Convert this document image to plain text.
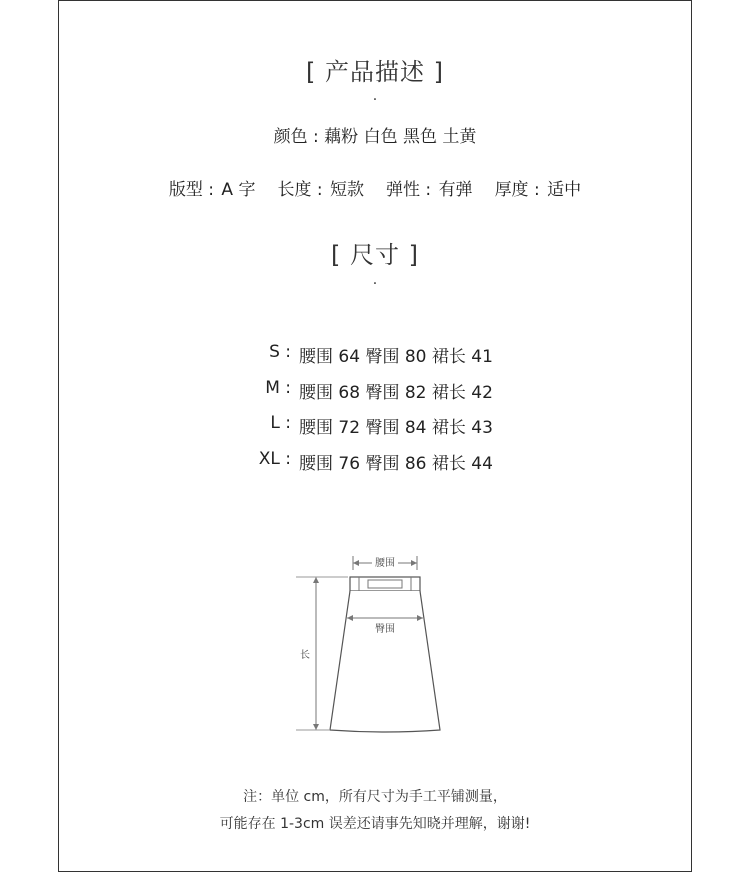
[ 产品描述 ]
·
颜色 : 藕粉 白色 黑色 土黄
版型 : A 字 长度 : 短款 弹性 : 有弹 厚度 : 适中
[ 尺寸 ]
·
S : 腰围 64 臀围 80 裙长 41
M : 腰围 68 臀围 82 裙长 42
L : 腰围 72 臀围 84 裙长 43
XL : 腰围 76 臀围 86 裙长 44
腰围
臀围
长
注：单位 cm，所有尺寸为手工平铺测量，
可能存在 1-3cm 误差还请事先知晓并理解，谢谢!
